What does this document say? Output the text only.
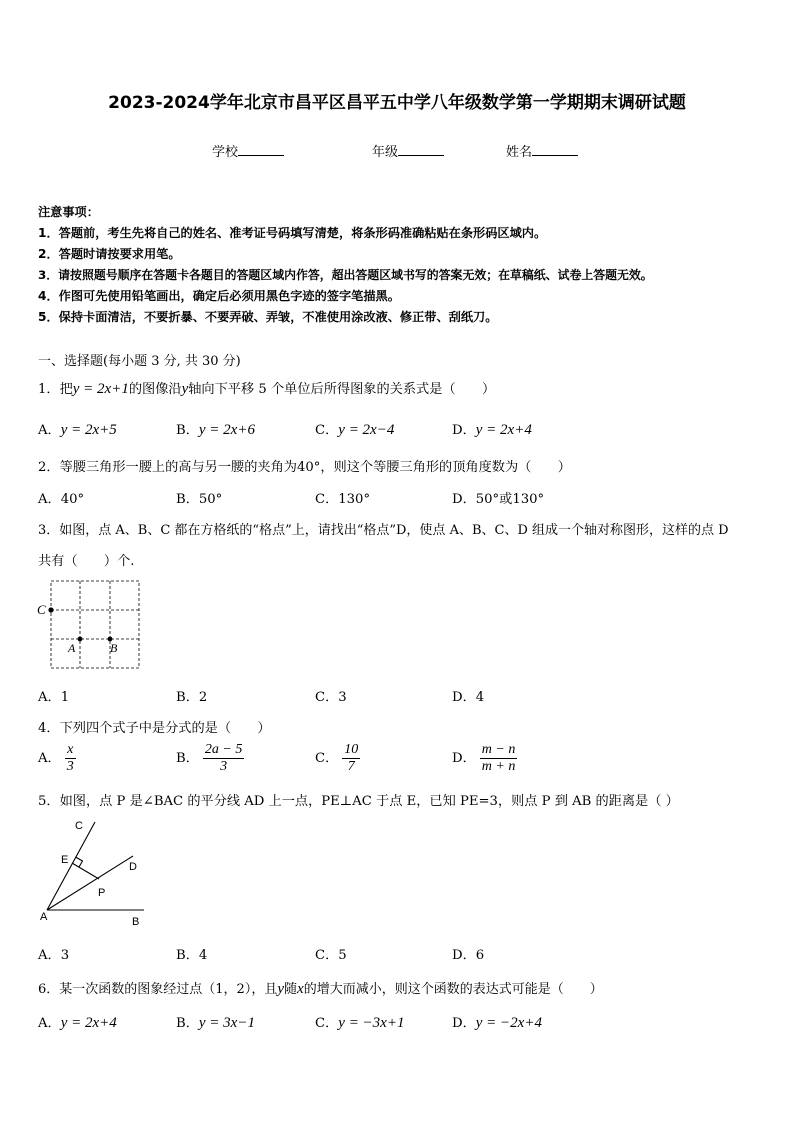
2023-2024学年北京市昌平区昌平五中学八年级数学第一学期期末调研试题
学校	年级	姓名
注意事项：
1．答题前，考生先将自己的姓名、准考证号码填写清楚，将条形码准确粘贴在条形码区域内。
2．答题时请按要求用笔。
3．请按照题号顺序在答题卡各题目的答题区域内作答，超出答题区域书写的答案无效；在草稿纸、试卷上答题无效。
4．作图可先使用铅笔画出，确定后必须用黑色字迹的签字笔描黑。
5．保持卡面清洁，不要折暴、不要弄破、弄皱，不准使用涂改液、修正带、刮纸刀。
一、选择题(每小题 3 分, 共 30 分)
1．把y = 2x+1的图像沿y轴向下平移 5 个单位后所得图象的关系式是（　　）
A．y = 2x+5	B．y = 2x+6	C．y = 2x−4	D．y = 2x+4
2．等腰三角形一腰上的高与另一腰的夹角为40°，则这个等腰三角形的顶角度数为（　　）
A．40°	B．50°	C．130°	D．50°或130°
3．如图，点 A、B、C 都在方格纸的“格点”上，请找出“格点”D，使点 A、B、C、D 组成一个轴对称图形，这样的点 D
共有（　　）个.
C
A	B
A．1	B．2	C．3	D．4
4．下列四个式子中是分式的是（　　）
A． $\frac{x}{3}$	B． $\frac{2a - 5}{3}$	C． $\frac{10}{7}$	D． $\frac{m - n}{m + n}$
5．如图，点 P 是∠BAC 的平分线 AD 上一点，PE⊥AC 于点 E，已知 PE=3，则点 P 到 AB 的距离是（ ）
C
E
D
P
A	B
A．3	B．4	C．5	D．6
6．某一次函数的图象经过点（1，2），且y随x的增大而减小，则这个函数的表达式可能是（　　）
A．y = 2x+4	B．y = 3x−1	C．y = −3x+1	D．y = −2x+4
